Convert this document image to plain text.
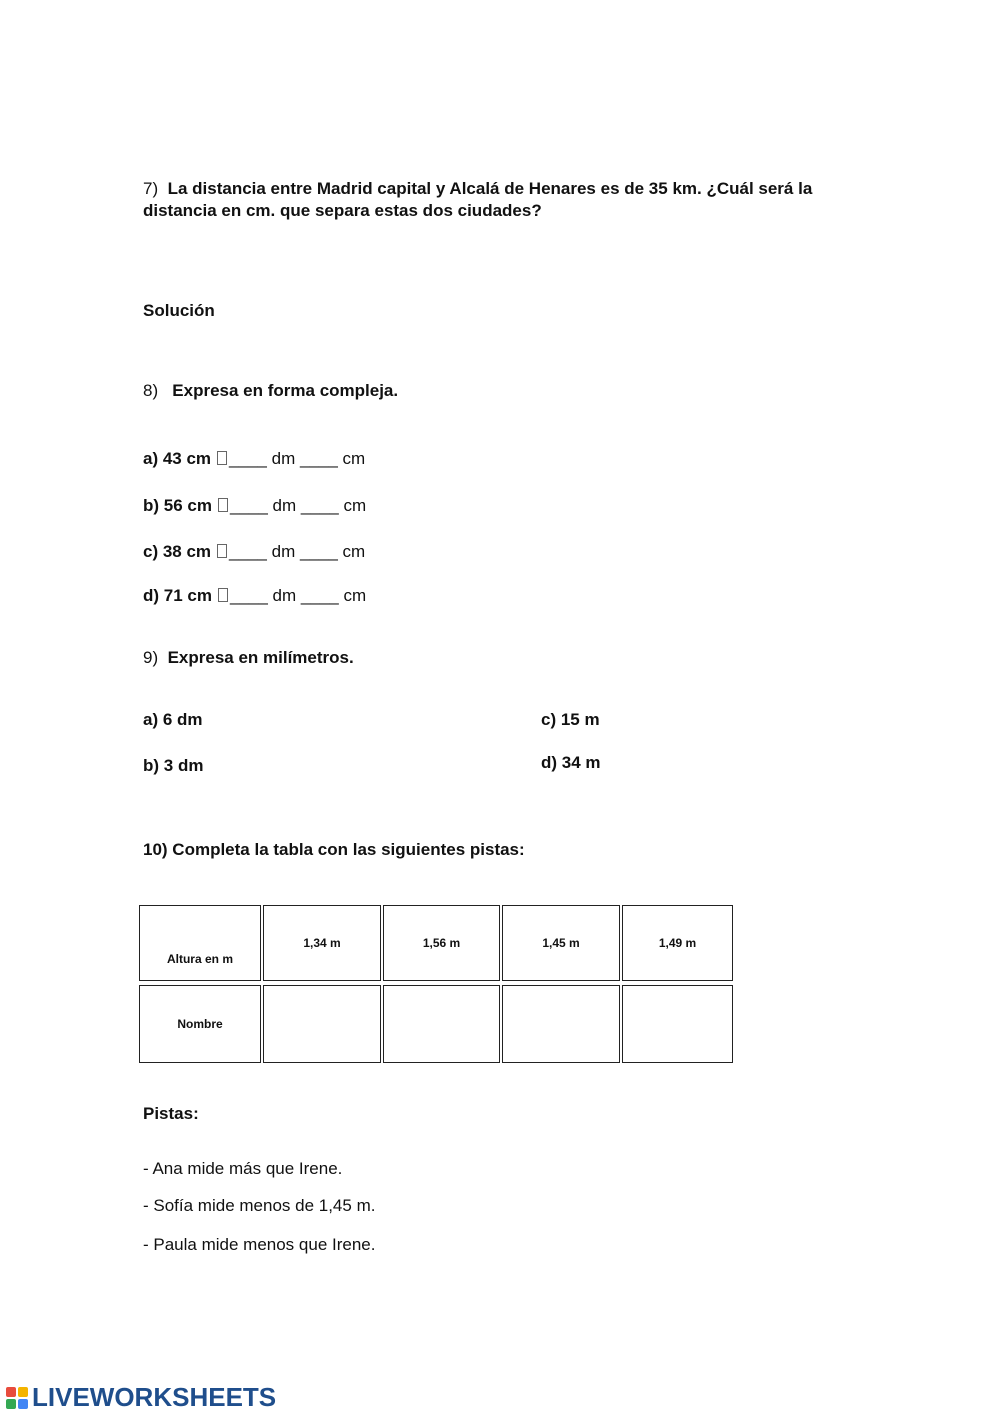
7) La distancia entre Madrid capital y Alcalá de Henares es de 35 km. ¿Cuál será la distancia en cm. que separa estas dos ciudades?
Solución
8) Expresa en forma compleja.
a) 43 cm ____ dm ____ cm
b) 56 cm ____ dm ____ cm
c) 38 cm ____ dm ____ cm
d) 71 cm ____ dm ____ cm
9) Expresa en milímetros.
a) 6 dm
b) 3 dm
c) 15 m
d) 34 m
10) Completa la tabla con las siguientes pistas:
Altura en m	1,34 m	1,56 m	1,45 m	1,49 m

Nombre				
Pistas:
- Ana mide más que Irene.
- Sofía mide menos de 1,45 m.
- Paula mide menos que Irene.
LIVEWORKSHEETS
